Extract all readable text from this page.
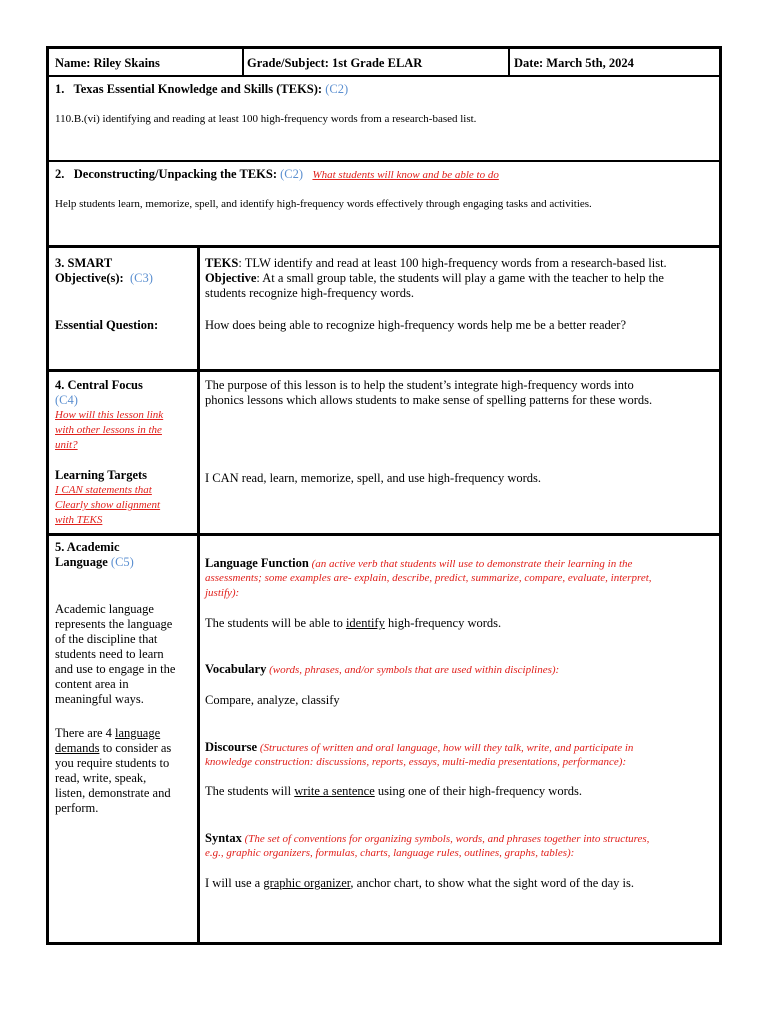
Name: Riley Skains	Grade/Subject: 1st Grade ELAR	Date: March 5th, 2024
1.   Texas Essential Knowledge and Skills (TEKS): (C2)
110.B.(vi) identifying and reading at least 100 high-frequency words from a research-based list.
2.   Deconstructing/Unpacking the TEKS: (C2) What students will know and be able to do
Help students learn, memorize, spell, and identify high-frequency words effectively through engaging tasks and activities.
3. SMART
Objective(s): (C3)
Essential Question:
TEKS: TLW identify and read at least 100 high-frequency words from a research-based list.
Objective: At a small group table, the students will play a game with the teacher to help the
students recognize high-frequency words.
How does being able to recognize high-frequency words help me be a better reader?
4. Central Focus
(C4)
How will this lesson link
with other lessons in the
unit?
Learning Targets
I CAN statements that
Clearly show alignment
with TEKS
The purpose of this lesson is to help the student’s integrate high-frequency words into
phonics lessons which allows students to make sense of spelling patterns for these words.
I CAN read, learn, memorize, spell, and use high-frequency words.
5. Academic
Language (C5)
Academic language
represents the language
of the discipline that
students need to learn
and use to engage in the
content area in
meaningful ways.
There are 4 language
demands to consider as
you require students to
read, write, speak,
listen, demonstrate and
perform.
Language Function (an active verb that students will use to demonstrate their learning in the
assessments; some examples are- explain, describe, predict, summarize, compare, evaluate, interpret,
justify):
The students will be able to identify high-frequency words.
Vocabulary (words, phrases, and/or symbols that are used within disciplines):
Compare, analyze, classify
Discourse (Structures of written and oral language, how will they talk, write, and participate in
knowledge construction: discussions, reports, essays, multi-media presentations, performance):
The students will write a sentence using one of their high-frequency words.
Syntax (The set of conventions for organizing symbols, words, and phrases together into structures,
e.g., graphic organizers, formulas, charts, language rules, outlines, graphs, tables):
I will use a graphic organizer, anchor chart, to show what the sight word of the day is.
